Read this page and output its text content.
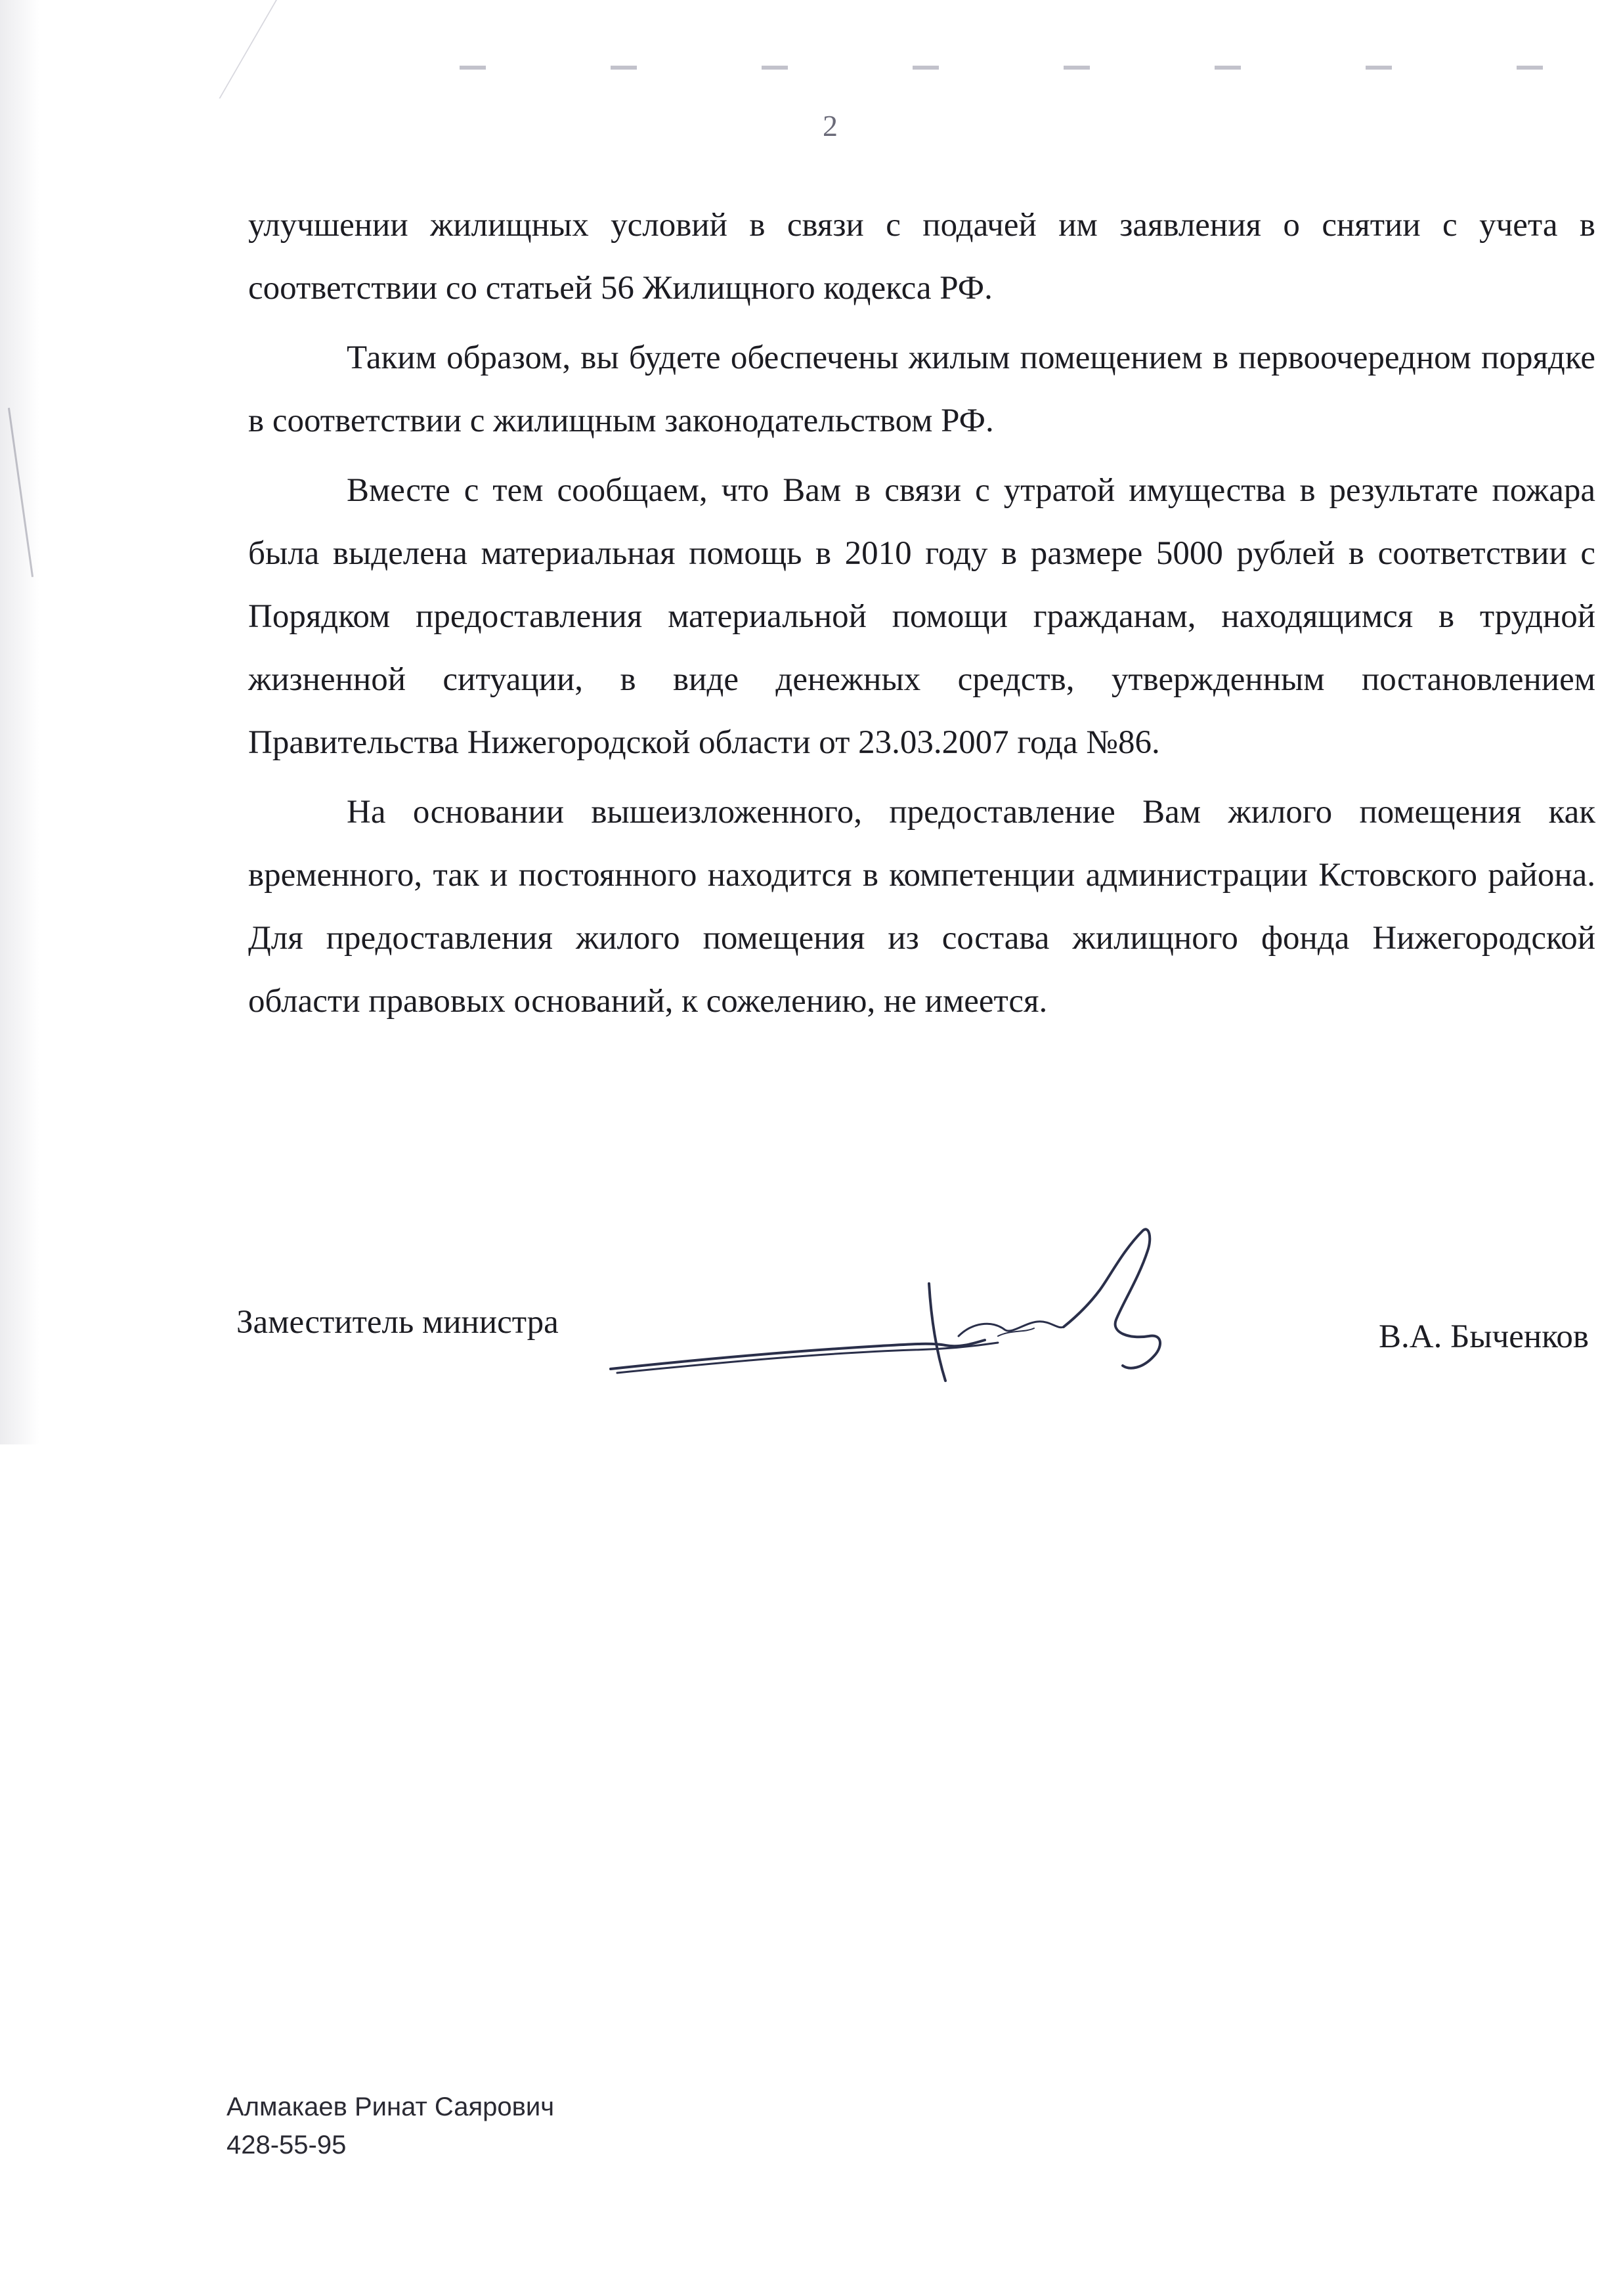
2

улучшении жилищных условий в связи с подачей им заявления о снятии с учета в соответствии со статьей 56 Жилищного кодекса РФ.

Таким образом, вы будете обеспечены жилым помещением в первоочередном порядке в соответствии с жилищным законодательством РФ.

Вместе с тем сообщаем, что Вам в связи с утратой имущества в результате пожара была выделена материальная помощь в 2010 году в размере 5000 рублей в соответствии с Порядком предоставления материальной помощи гражданам, находящимся в трудной жизненной ситуации, в виде денежных средств, утвержденным постановлением Правительства Нижегородской области от 23.03.2007 года №86.

На основании вышеизложенного, предоставление Вам жилого помещения как временного, так и постоянного находится в компетенции администрации Кстовского района. Для предоставления жилого помещения из состава жилищного фонда Нижегородской области правовых оснований, к сожелению, не имеется.

Заместитель министра	В.А. Быченков
Алмакаев Ринат Саярович
428-55-95
